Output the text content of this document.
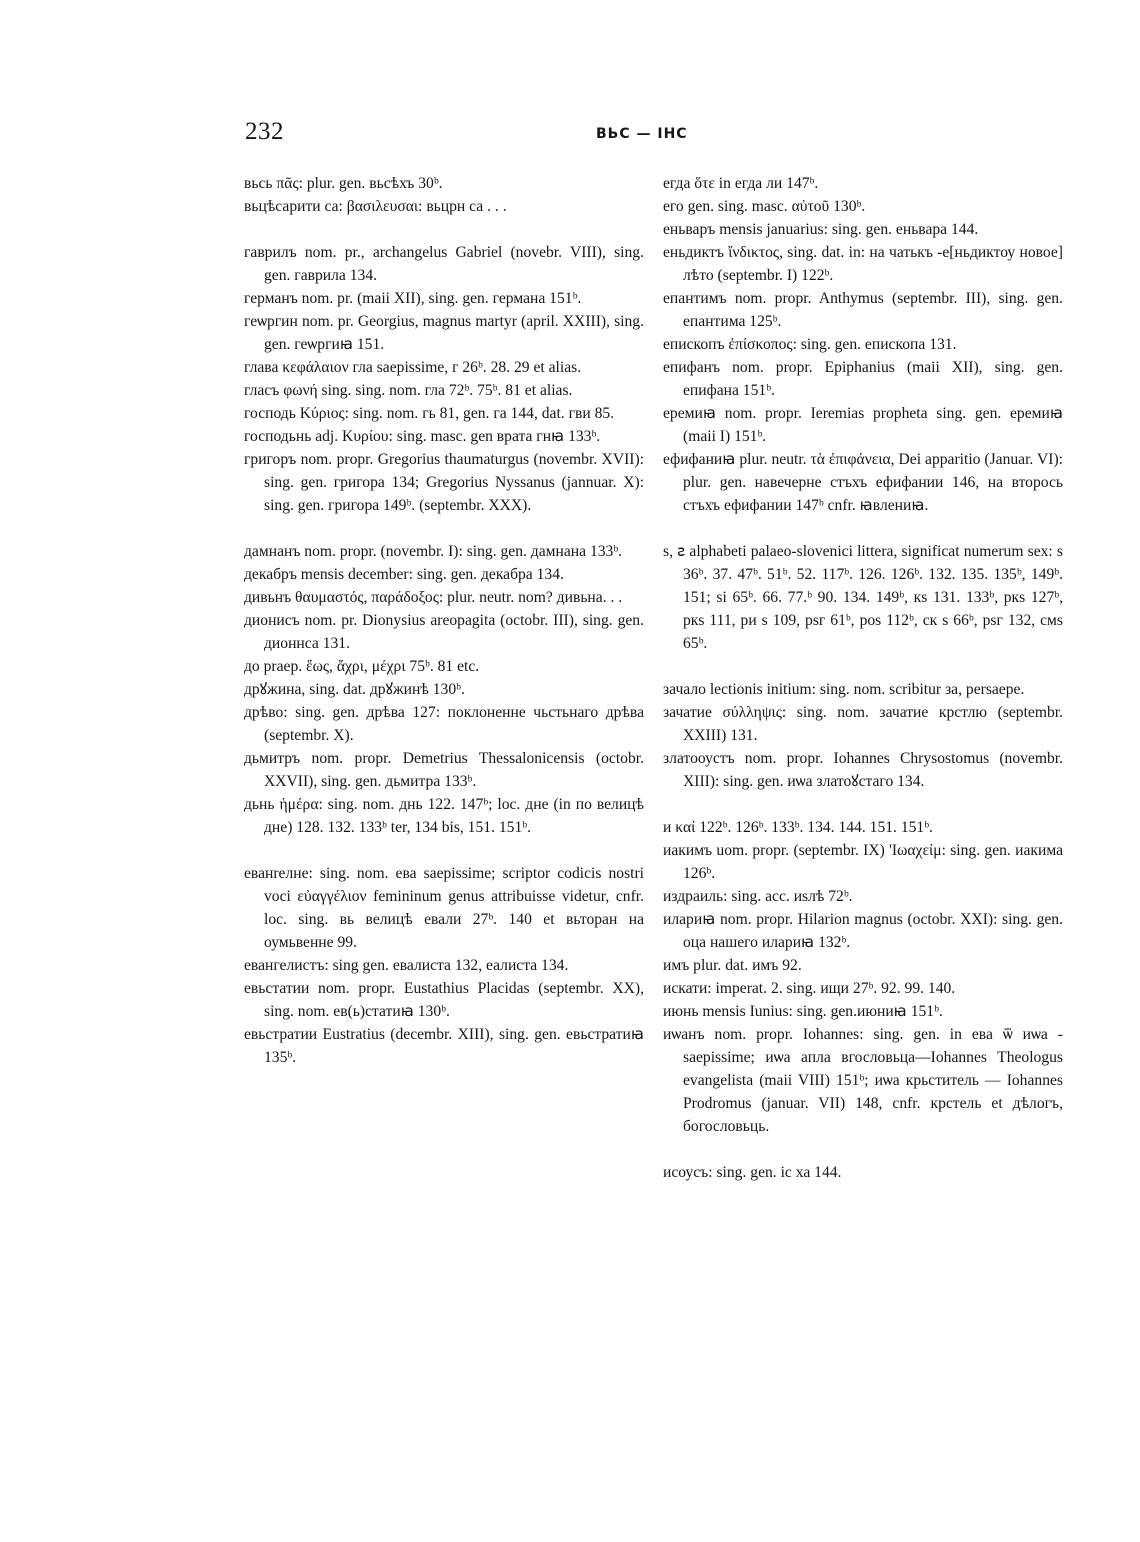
232	ВЬС — ІНС

вьсь πᾶς: plur. gen. вьсѣхъ 30ᵇ.

вьцѣсарити са: βασιλευσαι: вьцрн са . . .

гаврилъ nom. pr., archangelus Gabriel (novebr. VIII), sing. gen. гаврила 134.

германъ nom. pr. (maii XII), sing. gen. германа 151ᵇ.

геѡргин nom. pr. Georgius, magnus martyr (april. XXIII), sing. gen. геѡргиꙗ 151.

глава κεφάλαιον гла saepissime, г 26ᵇ. 28. 29 et alias.

гласъ φωνή sing. sing. nom. гла 72ᵇ. 75ᵇ. 81 et alias.

господь Κύριος: sing. nom. гь 81, gen. га 144, dat. гви 85.

господьнь adj. Κυρίου: sing. masc. gen врата гнꙗ 133ᵇ.

григоръ nom. propr. Gregorius thaumaturgus (novembr. XVII): sing. gen. григора 134; Gregorius Nyssanus (jannuar. X): sing. gen. григора 149ᵇ. (septembr. XXX).

дамнанъ nom. propr. (novembr. I): sing. gen. дамнана 133ᵇ.

декабръ mensis december: sing. gen. декабра 134.

дивьнъ θαυμαστός, παράδοξος: plur. neutr. nom? дивьна. . .

дионисъ nom. pr. Dionysius areopagita (octobr. III), sing. gen. дионнса 131.

до praep. ἕως, ἄχρι, μέχρι 75ᵇ. 81 etc.

дрꙋжина, sing. dat. дрꙋжинѣ 130ᵇ.

дрѣво: sing. gen. дрѣва 127: поклоненне чьстьнаго дрѣва (septembr. X).

дьмитръ nom. propr. Demetrius Thessalonicensis (octobr. XXVII), sing. gen. дьмитра 133ᵇ.

дьнь ἡμέρα: sing. nom. днь 122. 147ᵇ; loc. дне (in по велицѣ дне) 128. 132. 133ᵇ ter, 134 bis, 151. 151ᵇ.

еванrелне: sing. nom. ева saepissime; scriptor codicis nostri voci εὐαγγέλιον femininum genus attribuisse videtur, cnfr. loc. sing. вь велицѣ евали 27ᵇ. 140 et вьторан на оумьвенне 99.

евангелистъ: sing gen. евалиста 132, еалиста 134.

евьстатии nom. propr. Eustathius Placidas (septembr. XX), sing. nom. ев(ь)статиꙗ 130ᵇ.

евьстратии Eustratius (decembr. XIII), sing. gen. евьстратиꙗ 135ᵇ.

егда ὅτε in егда ли 147ᵇ.

его gen. sing. masc. αὐτοῦ 130ᵇ.

еньваръ mensis januarius: sing. gen. еньвара 144.

еньдиктъ ἴνδικτος, sing. dat. in: на чатькъ -е[ньдиктоу новое] лѣто (septembr. I) 122ᵇ.

епантимъ nom. propr. Anthymus (septembr. III), sing. gen. епантима 125ᵇ.

епископъ ἐπίσκοπος: sing. gen. епископа 131.

епифанъ nom. propr. Epiphanius (maii XII), sing. gen. епифана 151ᵇ.

еремиꙗ nom. propr. Ieremias propheta sing. gen. еремиꙗ (maii I) 151ᵇ.

ефифаниꙗ plur. neutr. τὰ ἐπιφάνεια, Dei apparitio (Januar. VI): plur. gen. навечерне стъхъ ефифании 146, на вторось стъхъ ефифании 147ᵇ cnfr. ꙗвлениꙗ.

ѕ, ꙅ alphabeti palaeo-slovenici littera, significat numerum sex: ѕ 36ᵇ. 37. 47ᵇ. 51ᵇ. 52. 117ᵇ. 126. 126ᵇ. 132. 135. 135ᵇ, 149ᵇ. 151; ѕі 65ᵇ. 66. 77.ᵇ 90. 134. 149ᵇ, кѕ 131. 133ᵇ, ркѕ 127ᵇ, ркѕ 111, ри ѕ 109, рѕг 61ᵇ, роѕ 112ᵇ, ск ѕ 66ᵇ, рѕг 132, смѕ 65ᵇ.

зачало lectionis initium: sing. nom. scribitur за, persaepe.

зачатие σύλληψις: sing. nom. зачатие крстлю (septembr. XXIII) 131.

златооустъ nom. propr. Iohannes Chrysostomus (novembr. XIII): sing. gen. иѡа златоꙋстаго 134.

и καί 122ᵇ. 126ᵇ. 133ᵇ. 134. 144. 151. 151ᵇ.

иакимъ uom. propr. (septembr. IX) 'Ιωαχείμ: sing. gen. иакима 126ᵇ.

издраиль: sing. acc. иѕлѣ 72ᵇ.

илариꙗ nom. propr. Hilarion magnus (octobr. XXI): sing. gen. оца нашего илариꙗ 132ᵇ.

имъ plur. dat. имъ 92.

искати: imperat. 2. sing. ищи 27ᵇ. 92. 99. 140.

июнь mensis Iunius: sing. gen.июниꙗ 151ᵇ.

иѡанъ nom. propr. Iohannes: sing. gen. in ева ѿ иѡа -saepissime; иѡа апла вгословьца—Iohannes Theologus evangelista (maii VIII) 151ᵇ; иѡа крьститель — Iohannes Prodromus (januar. VII) 148, cnfr. крстель et дѣлогъ, богословьць.

исоусъ: sing. gen. ic ха 144.
